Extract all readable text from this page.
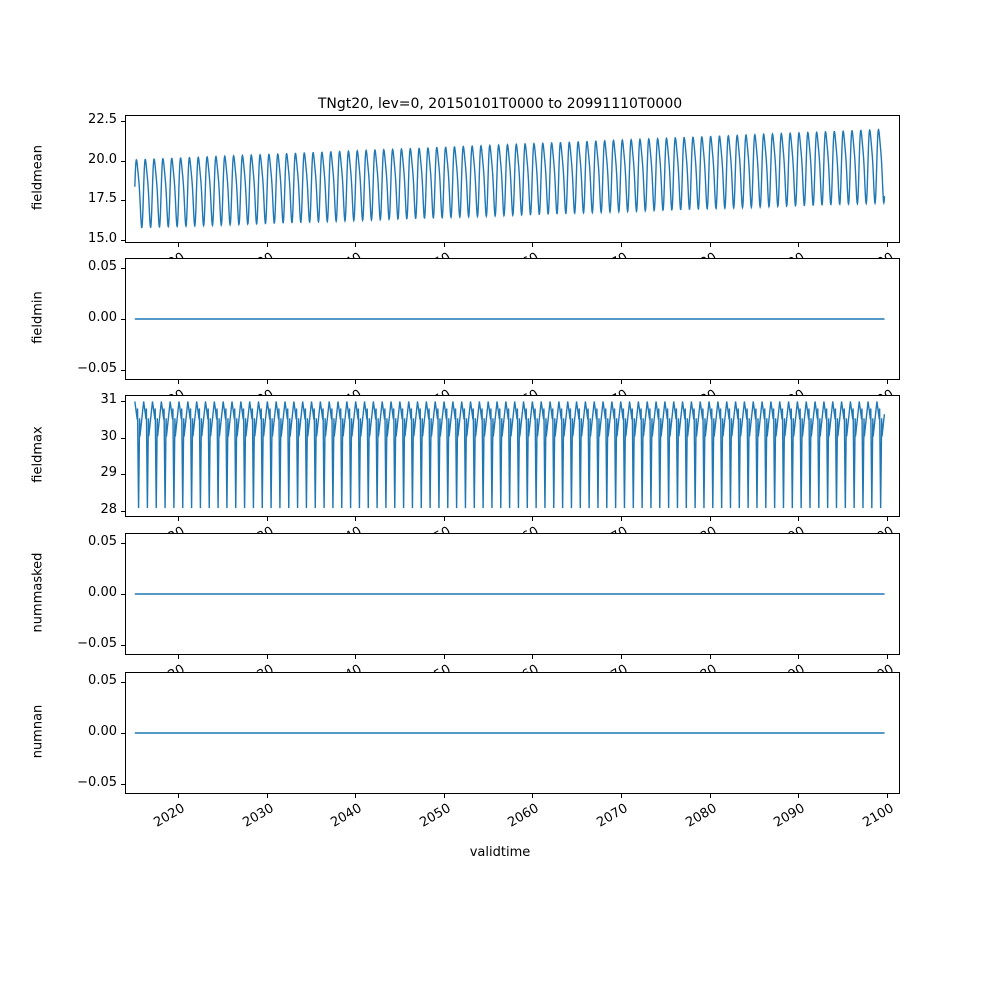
TNgt20, lev=0, 20150101T0000 to 20991110T0000
validtime
15.0
17.5
20.0
22.5
fieldmean
−0.05
0.00
0.05
fieldmin
28
29
30
31
fieldmax
−0.05
0.00
0.05
nummasked
−0.05
0.00
0.05
numnan
2020	2030	2040	2050	2060	2070	2080	2090	2100
